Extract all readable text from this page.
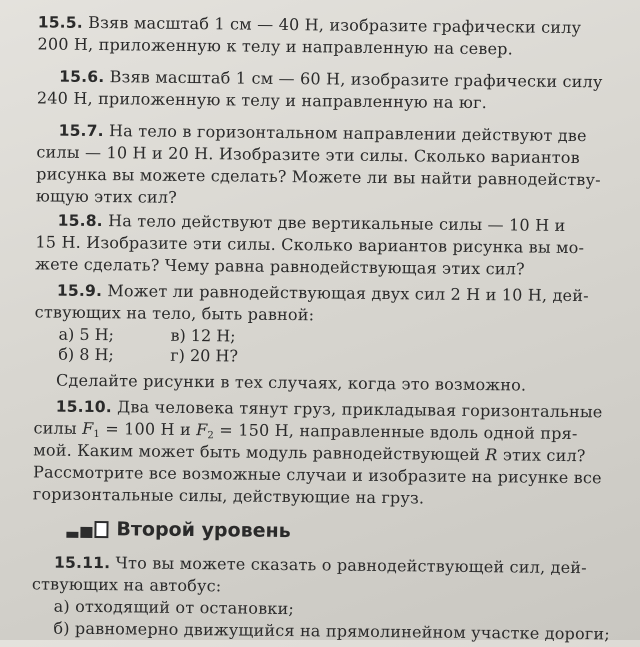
15.5. Взяв масштаб 1 см — 40 Н, изобразите графически силу
200 Н, приложенную к телу и направленную на север.
15.6. Взяв масштаб 1 см — 60 Н, изобразите графически силу
240 Н, приложенную к телу и направленную на юг.
15.7. На тело в горизонтальном направлении действуют две
силы — 10 Н и 20 Н. Изобразите эти силы. Сколько вариантов
рисунка вы можете сделать? Можете ли вы найти равнодейству-
ющую этих сил?
15.8. На тело действуют две вертикальные силы — 10 Н и
15 Н. Изобразите эти силы. Сколько вариантов рисунка вы мо-
жете сделать? Чему равна равнодействующая этих сил?
15.9. Может ли равнодействующая двух сил 2 Н и 10 Н, дей-
ствующих на тело, быть равной:
а) 5 Н;	в) 12 Н;
б) 8 Н;	г) 20 Н?
Сделайте рисунки в тех случаях, когда это возможно.
15.10. Два человека тянут груз, прикладывая горизонтальные
силы $F_1 = 100$ Н и $F_2 = 150$ Н, направленные вдоль одной пря-
мой. Каким может быть модуль равнодействующей R этих сил?
Рассмотрите все возможные случаи и изобразите на рисунке все
горизонтальные силы, действующие на груз.
Второй уровень
15.11. Что вы можете сказать о равнодействующей сил, дей-
ствующих на автобус:
а) отходящий от остановки;
б) равномерно движущийся на прямолинейном участке дороги;
